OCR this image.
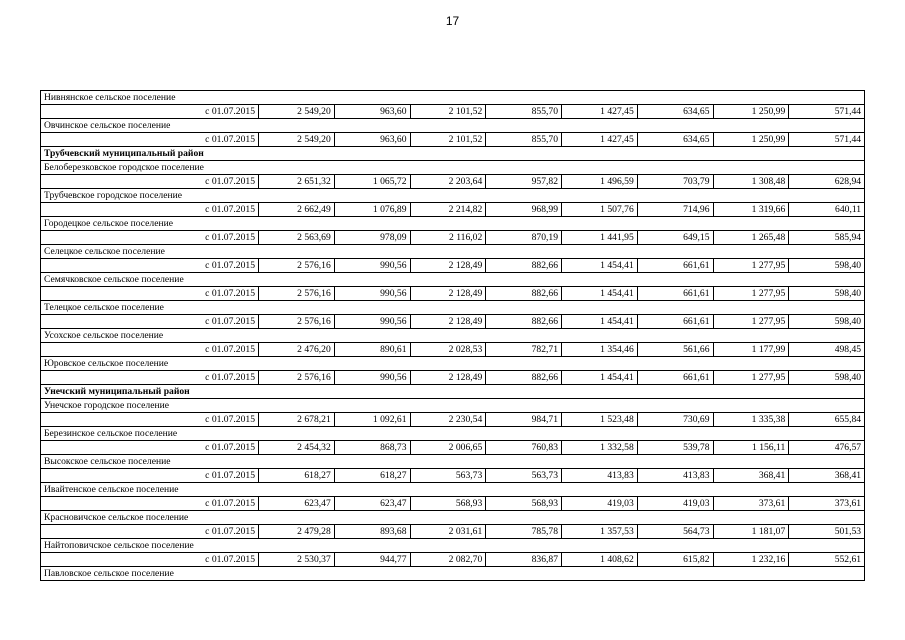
17
Нивнянское сельское поселение								
с 01.07.2015	2 549,20	963,60	2 101,52	855,70	1 427,45	634,65	1 250,99	571,44
Овчинское сельское поселение								
с 01.07.2015	2 549,20	963,60	2 101,52	855,70	1 427,45	634,65	1 250,99	571,44
Трубчевский муниципальный район								
Белоберезковское городское поселение								
с 01.07.2015	2 651,32	1 065,72	2 203,64	957,82	1 496,59	703,79	1 308,48	628,94
Трубчевское городское поселение								
с 01.07.2015	2 662,49	1 076,89	2 214,82	968,99	1 507,76	714,96	1 319,66	640,11
Городецкое сельское поселение								
с 01.07.2015	2 563,69	978,09	2 116,02	870,19	1 441,95	649,15	1 265,48	585,94
Селецкое сельское поселение								
с 01.07.2015	2 576,16	990,56	2 128,49	882,66	1 454,41	661,61	1 277,95	598,40
Семячковское сельское поселение								
с 01.07.2015	2 576,16	990,56	2 128,49	882,66	1 454,41	661,61	1 277,95	598,40
Телецкое сельское поселение								
с 01.07.2015	2 576,16	990,56	2 128,49	882,66	1 454,41	661,61	1 277,95	598,40
Усохское сельское поселение								
с 01.07.2015	2 476,20	890,61	2 028,53	782,71	1 354,46	561,66	1 177,99	498,45
Юровское сельское поселение								
с 01.07.2015	2 576,16	990,56	2 128,49	882,66	1 454,41	661,61	1 277,95	598,40
Унечский муниципальный район								
Унечское городское поселение								
с 01.07.2015	2 678,21	1 092,61	2 230,54	984,71	1 523,48	730,69	1 335,38	655,84
Березинское сельское поселение								
с 01.07.2015	2 454,32	868,73	2 006,65	760,83	1 332,58	539,78	1 156,11	476,57
Высокское сельское поселение								
с 01.07.2015	618,27	618,27	563,73	563,73	413,83	413,83	368,41	368,41
Ивайтенское сельское поселение								
с 01.07.2015	623,47	623,47	568,93	568,93	419,03	419,03	373,61	373,61
Красновичское сельское поселение								
с 01.07.2015	2 479,28	893,68	2 031,61	785,78	1 357,53	564,73	1 181,07	501,53
Найтоповичское сельское поселение								
с 01.07.2015	2 530,37	944,77	2 082,70	836,87	1 408,62	615,82	1 232,16	552,61
Павловское сельское поселение								
